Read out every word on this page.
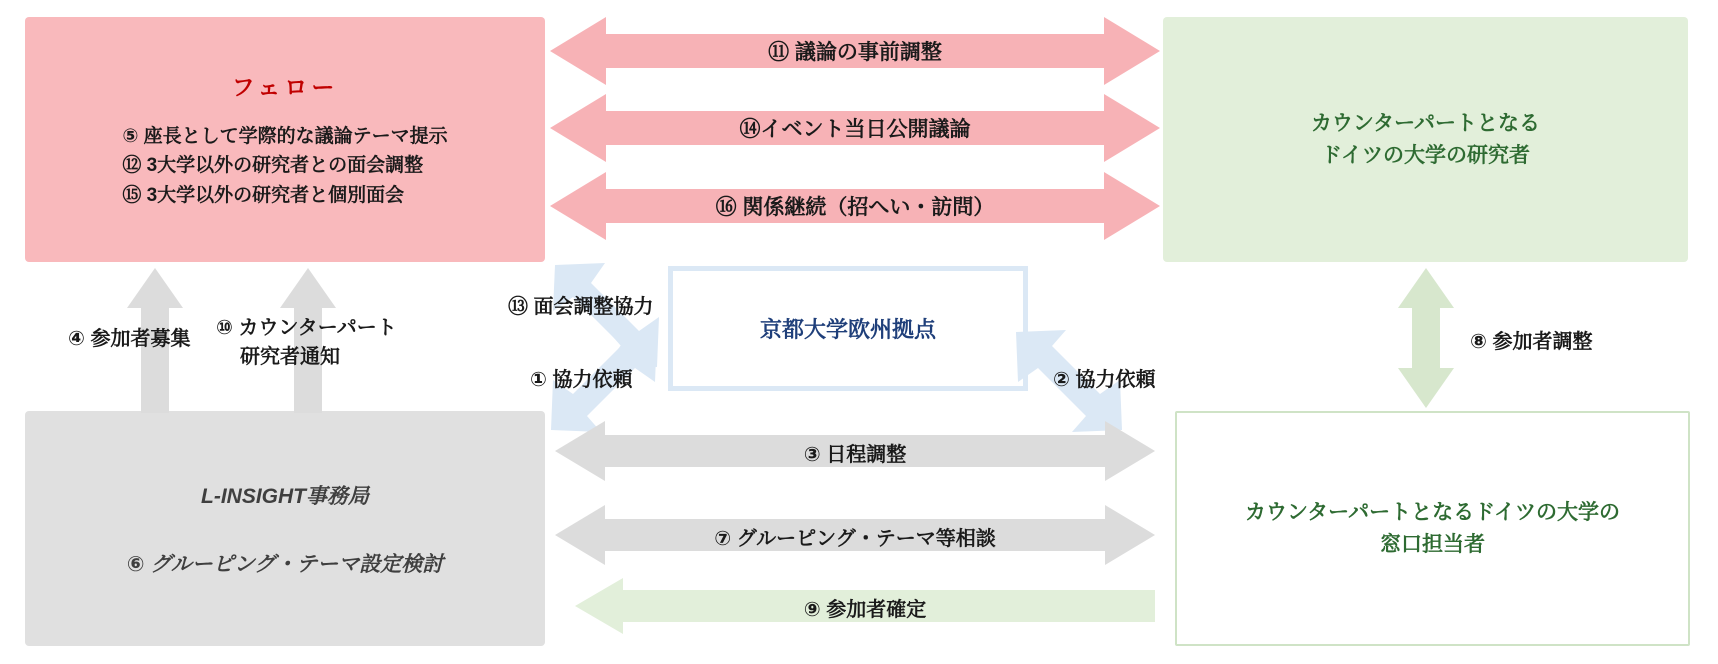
フェロー
⑤ 座長として学際的な議論テーマ提示
⑫ 3大学以外の研究者との面会調整
⑮ 3大学以外の研究者と個別面会
カウンターパートとなる
ドイツの大学の研究者
L-INSIGHT事務局
⑥ グルーピング・テーマ設定検討
カウンターパートとなるドイツの大学の
窓口担当者
京都大学欧州拠点
⑪ 議論の事前調整
⑭イベント当日公開議論
⑯ 関係継続（招へい・訪問）
③ 日程調整
⑦ グルーピング・テーマ等相談
⑨ 参加者確定
④ 参加者募集 ⑩ カウンターパート
研究者通知
⑧ 参加者調整
⑬ 面会調整協力
① 協力依頼	② 協力依頼
